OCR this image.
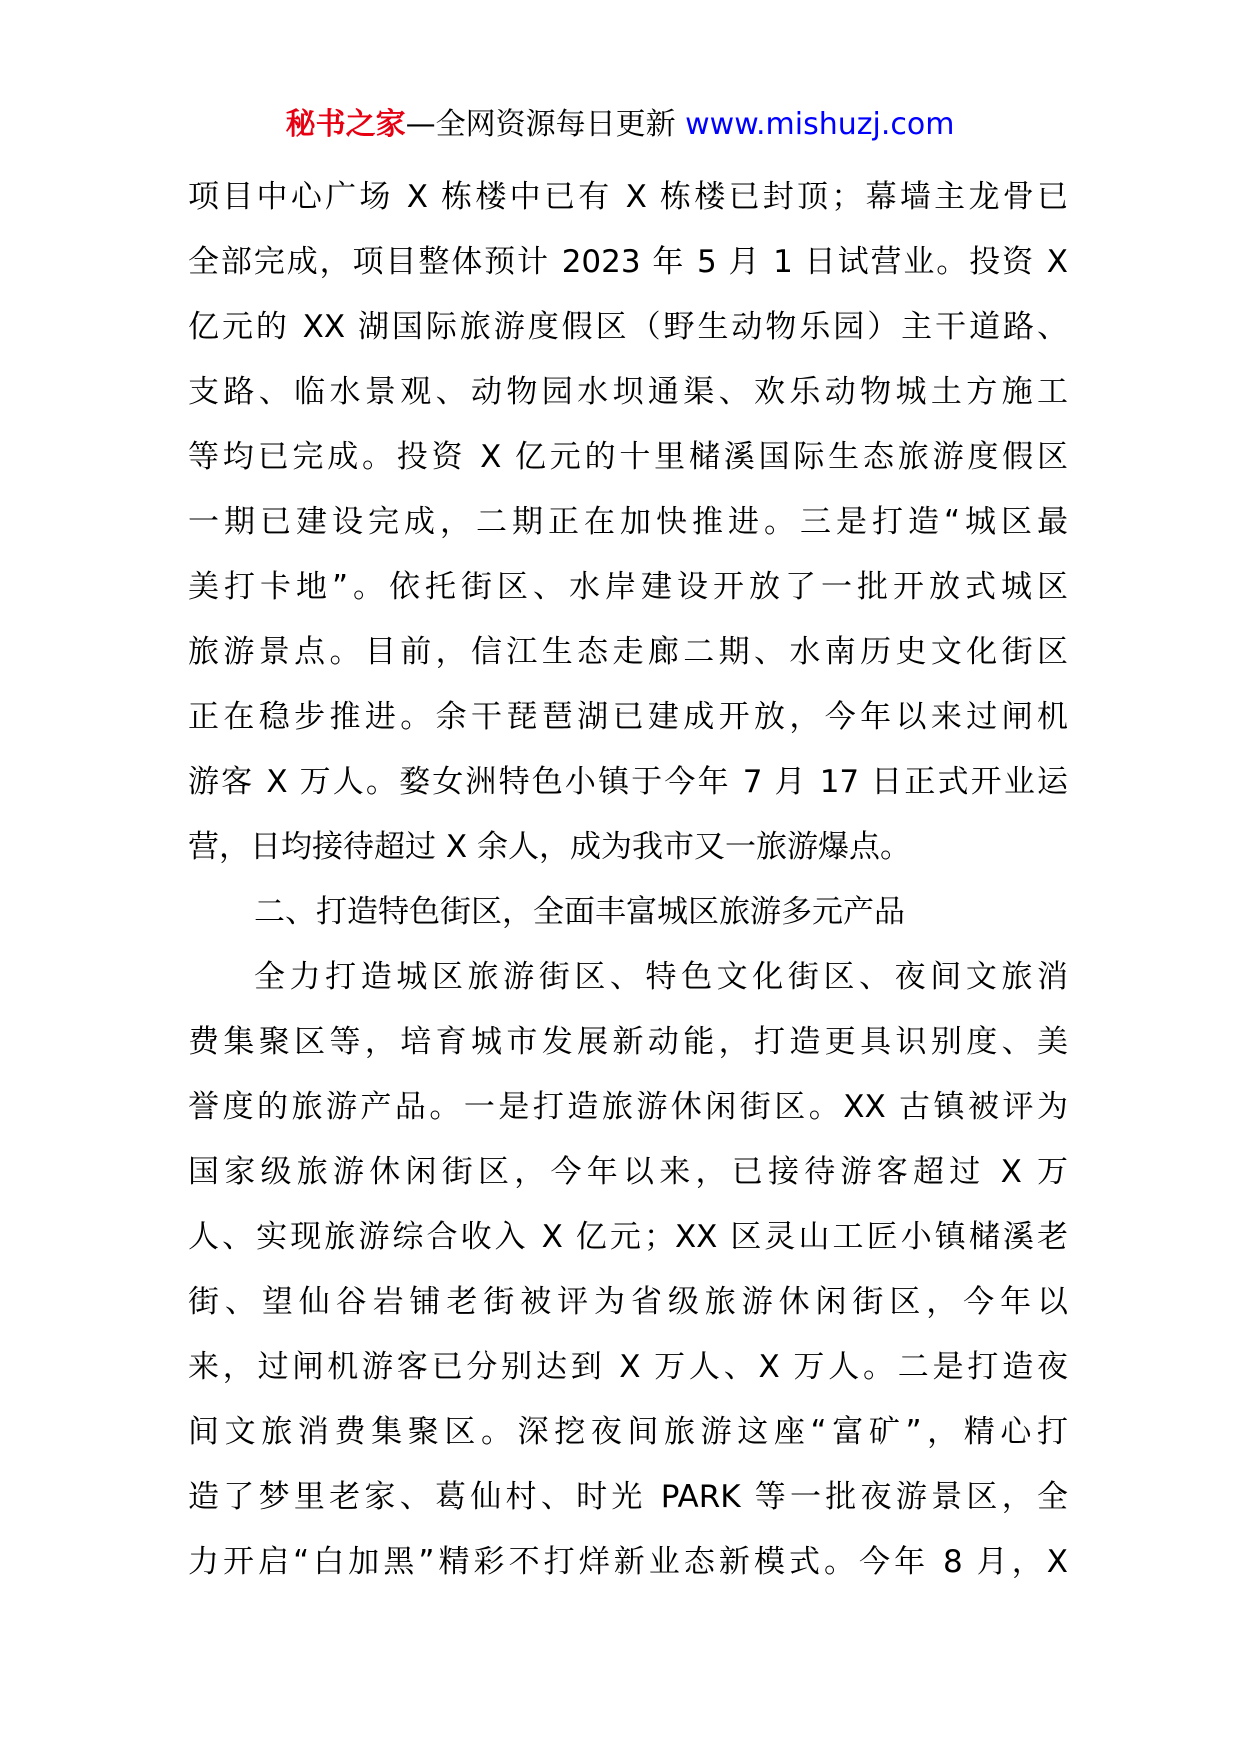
秘书之家—全网资源每日更新 www.mishuzj.com
项目中心广场 X 栋楼中已有 X 栋楼已封顶；幕墙主龙骨已
全部完成，项目整体预计 2023 年 5 月 1 日试营业。投资 X
亿元的 XX 湖国际旅游度假区（野生动物乐园）主干道路、
支路、临水景观、动物园水坝通渠、欢乐动物城土方施工
等均已完成。投资 X 亿元的十里槠溪国际生态旅游度假区
一期已建设完成，二期正在加快推进。三是打造“城区最
美打卡地”。依托街区、水岸建设开放了一批开放式城区
旅游景点。目前，信江生态走廊二期、水南历史文化街区
正在稳步推进。余干琵琶湖已建成开放，今年以来过闸机
游客 X 万人。婺女洲特色小镇于今年 7 月 17 日正式开业运
营，日均接待超过 X 余人，成为我市又一旅游爆点。
二、打造特色街区，全面丰富城区旅游多元产品
全力打造城区旅游街区、特色文化街区、夜间文旅消
费集聚区等，培育城市发展新动能，打造更具识别度、美
誉度的旅游产品。一是打造旅游休闲街区。XX 古镇被评为
国家级旅游休闲街区，今年以来，已接待游客超过 X 万
人、实现旅游综合收入 X 亿元；XX 区灵山工匠小镇槠溪老
街、望仙谷岩铺老街被评为省级旅游休闲街区，今年以
来，过闸机游客已分别达到 X 万人、X 万人。二是打造夜
间文旅消费集聚区。深挖夜间旅游这座“富矿”，精心打
造了梦里老家、葛仙村、时光 PARK 等一批夜游景区，全
力开启“白加黑”精彩不打烊新业态新模式。今年 8 月，X
